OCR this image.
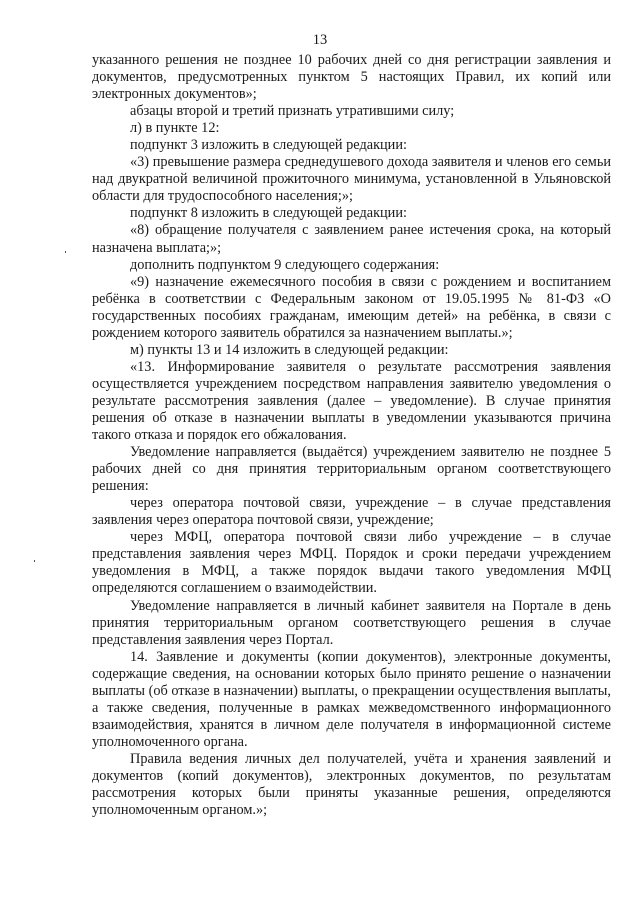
13

указанного решения не позднее 10 рабочих дней со дня регистрации заявления и документов, предусмотренных пунктом 5 настоящих Правил, их копий или электронных документов»;

абзацы второй и третий признать утратившими силу;

л) в пункте 12:

подпункт 3 изложить в следующей редакции:

«3) превышение размера среднедушевого дохода заявителя и членов его семьи над двукратной величиной прожиточного минимума, установленной в Ульяновской области для трудоспособного населения;»;

подпункт 8 изложить в следующей редакции:

«8) обращение получателя с заявлением ранее истечения срока, на который назначена выплата;»;

дополнить подпунктом 9 следующего содержания:

«9) назначение ежемесячного пособия в связи с рождением и воспитанием ребёнка в соответствии с Федеральным законом от 19.05.1995 № 81-ФЗ «О государственных пособиях гражданам, имеющим детей» на ребёнка, в связи с рождением которого заявитель обратился за назначением выплаты.»;

м) пункты 13 и 14 изложить в следующей редакции:

«13. Информирование заявителя о результате рассмотрения заявления осуществляется учреждением посредством направления заявителю уведомления о результате рассмотрения заявления (далее – уведомление). В случае принятия решения об отказе в назначении выплаты в уведомлении указываются причина такого отказа и порядок его обжалования.

Уведомление направляется (выдаётся) учреждением заявителю не позднее 5 рабочих дней со дня принятия территориальным органом соответствующего решения:

через оператора почтовой связи, учреждение – в случае представления заявления через оператора почтовой связи, учреждение;

через МФЦ, оператора почтовой связи либо учреждение – в случае представления заявления через МФЦ. Порядок и сроки передачи учреждением уведомления в МФЦ, а также порядок выдачи такого уведомления МФЦ определяются соглашением о взаимодействии.

Уведомление направляется в личный кабинет заявителя на Портале в день принятия территориальным органом соответствующего решения в случае представления заявления через Портал.

14. Заявление и документы (копии документов), электронные документы, содержащие сведения, на основании которых было принято решение о назначении выплаты (об отказе в назначении) выплаты, о прекращении осуществления выплаты, а также сведения, полученные в рамках межведомственного информационного взаимодействия, хранятся в личном деле получателя в информационной системе уполномоченного органа.

Правила ведения личных дел получателей, учёта и хранения заявлений и документов (копий документов), электронных документов, по результатам рассмотрения которых были приняты указанные решения, определяются уполномоченным органом.»;
